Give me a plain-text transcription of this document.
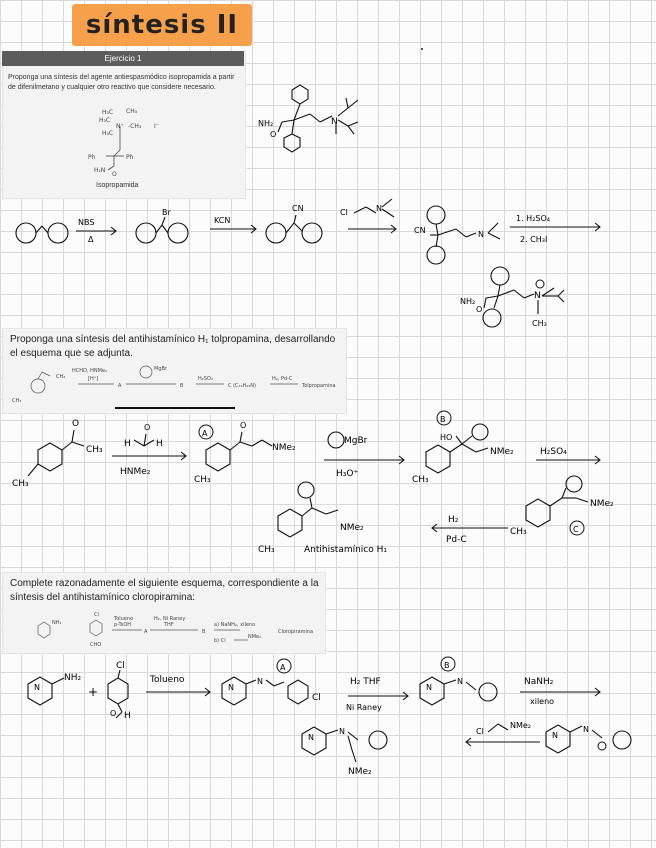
síntesis II
Ejercicio 1
Proponga una síntesis del agente antiespasmódico isopropamida a partir de difenilmetano y cualquier otro reactivo que considere necesario.
H₃C CH₃
H₃C
N⁺ -CH₃
H₃C
Ph	Ph
H₂N
O
I⁻
Isopropamida
NH₂
O
N
NBS
Δ
Br
KCN
CN	Cl	N
CN	N
1. H₂SO₄
2. CH₃I
NH₂
O
N
CH₃
Proponga una síntesis del antihistamínico H₁ tolpropamina, desarrollando el esquema que se adjunta.
CH₃
CH₃
HCHO, HNMe₂
[H⁺]
A
MgBr
B
H₂SO₄
C (C₁₉H₂₃N)
H₂, Pd-C
Tolpropamina
O
CH₃
CH₃
O
H	H
HNMe₂
A
O
NMe₂
CH₃
MgBr
H₃O⁺
B
HO
NMe₂
CH₃
H₂SO₄
NMe₂
CH₃	C
H₂
Pd-C
NMe₂
CH₃	Antihistamínico H₁
Complete razonadamente el siguiente esquema, correspondiente a la síntesis del antihistamínico cloropiramina:
NH₂
Cl
CHO
Tolueno
p-TsOH
A
H₂, Ni Raney
THF
B
a) NaNH₂, xileno
b) Cl
NMe₂
Cloropiramina
N
NH₂
+
Cl
O H
Tolueno
A
N
N
Cl
H₂ THF
Ni Raney
B
N
N	NaNH₂
xileno
N
N
Cl
NMe₂
N
N
NMe₂
